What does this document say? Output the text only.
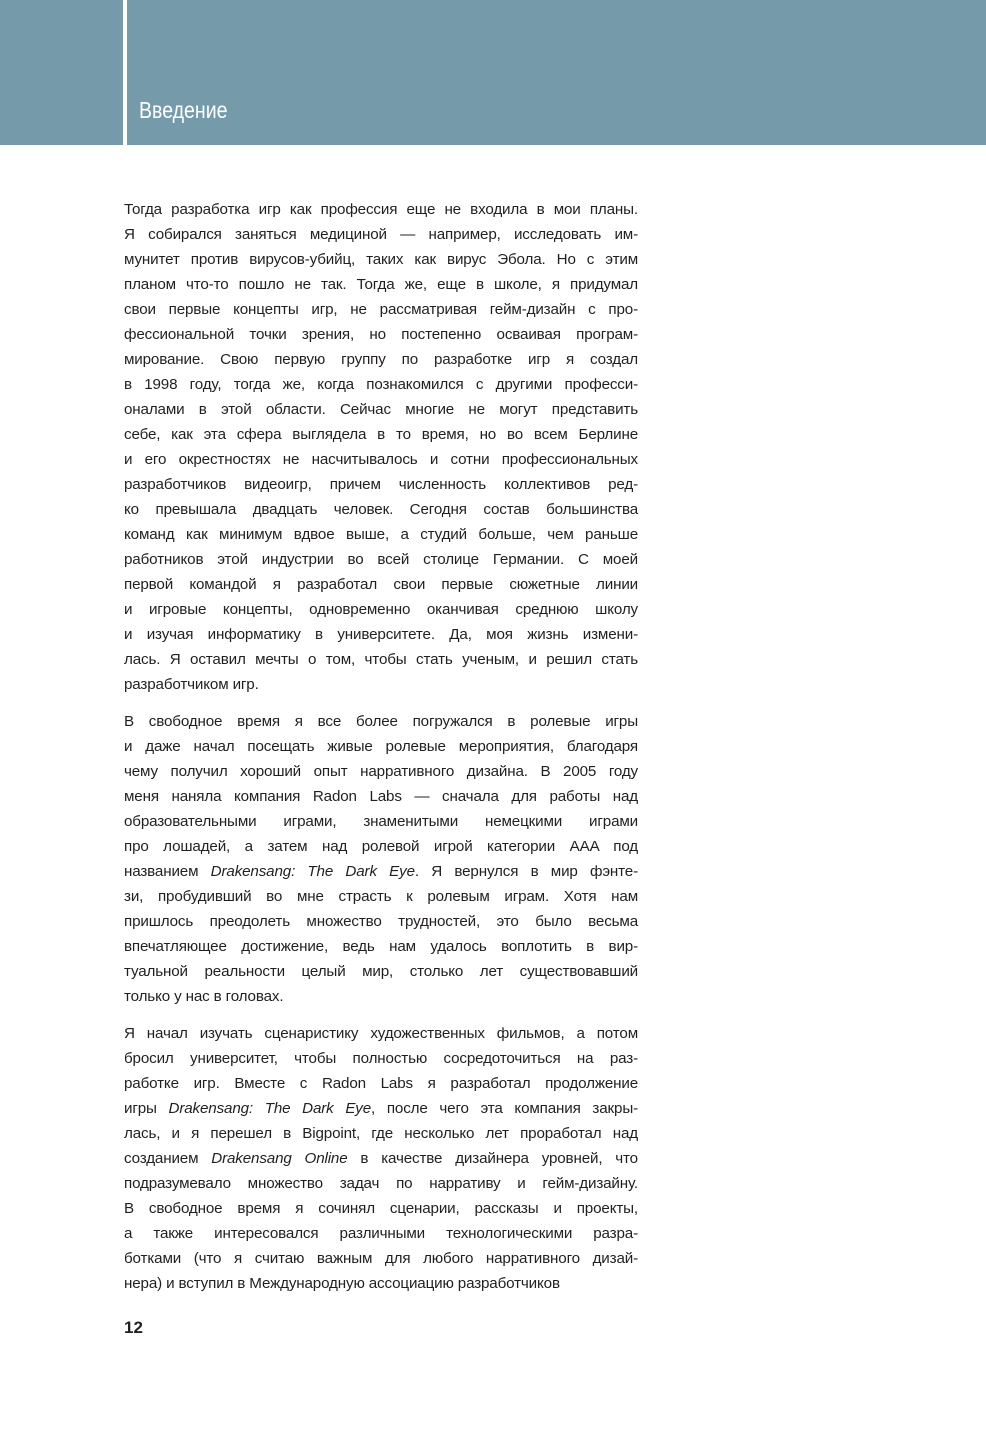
Введение
Тогда разработка игр как профессия еще не входила в мои планы.
Я собирался заняться медициной — например, исследовать им-
мунитет против вирусов-убийц, таких как вирус Эбола. Но с этим
планом что-то пошло не так. Тогда же, еще в школе, я придумал
свои первые концепты игр, не рассматривая гейм-дизайн с про-
фессиональной точки зрения, но постепенно осваивая програм-
мирование. Свою первую группу по разработке игр я создал
в 1998 году, тогда же, когда познакомился с другими професси-
оналами в этой области. Сейчас многие не могут представить
себе, как эта сфера выглядела в то время, но во всем Берлине
и его окрестностях не насчитывалось и сотни профессиональных
разработчиков видеоигр, причем численность коллективов ред-
ко превышала двадцать человек. Сегодня состав большинства
команд как минимум вдвое выше, а студий больше, чем раньше
работников этой индустрии во всей столице Германии. С моей
первой командой я разработал свои первые сюжетные линии
и игровые концепты, одновременно оканчивая среднюю школу
и изучая информатику в университете. Да, моя жизнь измени-
лась. Я оставил мечты о том, чтобы стать ученым, и решил стать
разработчиком игр.
В свободное время я все более погружался в ролевые игры
и даже начал посещать живые ролевые мероприятия, благодаря
чему получил хороший опыт нарративного дизайна. В 2005 году
меня наняла компания Radon Labs — сначала для работы над
образовательными играми, знаменитыми немецкими играми
про лошадей, а затем над ролевой игрой категории AAA под
названием Drakensang: The Dark Eye. Я вернулся в мир фэнте-
зи, пробудивший во мне страсть к ролевым играм. Хотя нам
пришлось преодолеть множество трудностей, это было весьма
впечатляющее достижение, ведь нам удалось воплотить в вир-
туальной реальности целый мир, столько лет существовавший
только у нас в головах.
Я начал изучать сценаристику художественных фильмов, а потом
бросил университет, чтобы полностью сосредоточиться на раз-
работке игр. Вместе с Radon Labs я разработал продолжение
игры Drakensang: The Dark Eye, после чего эта компания закры-
лась, и я перешел в Bigpoint, где несколько лет проработал над
созданием Drakensang Online в качестве дизайнера уровней, что
подразумевало множество задач по нарративу и гейм-дизайну.
В свободное время я сочинял сценарии, рассказы и проекты,
а также интересовался различными технологическими разра-
ботками (что я считаю важным для любого нарративного дизай-
нера) и вступил в Международную ассоциацию разработчиков
12
